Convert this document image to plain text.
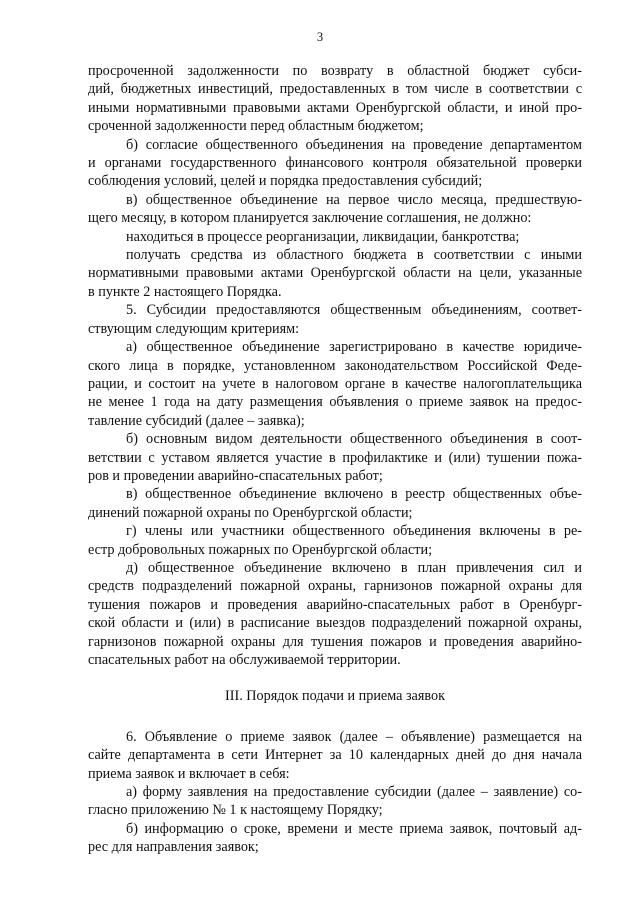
3
просроченной задолженности по возврату в областной бюджет субси-
дий, бюджетных инвестиций, предоставленных в том числе в соответствии с
иными нормативными правовыми актами Оренбургской области, и иной про-
сроченной задолженности перед областным бюджетом;
б) согласие общественного объединения на проведение департаментом
и органами государственного финансового контроля обязательной проверки
соблюдения условий, целей и порядка предоставления субсидий;
в) общественное объединение на первое число месяца, предшествую-
щего месяцу, в котором планируется заключение соглашения, не должно:
находиться в процессе реорганизации, ликвидации, банкротства;
получать средства из областного бюджета в соответствии с иными
нормативными правовыми актами Оренбургской области на цели, указанные
в пункте 2 настоящего Порядка.
5. Субсидии предоставляются общественным объединениям, соответ-
ствующим следующим критериям:
а) общественное объединение зарегистрировано в качестве юридиче-
ского лица в порядке, установленном законодательством Российской Феде-
рации, и состоит на учете в налоговом органе в качестве налогоплательщика
не менее 1 года на дату размещения объявления о приеме заявок на предос-
тавление субсидий (далее – заявка);
б) основным видом деятельности общественного объединения в соот-
ветствии с уставом является участие в профилактике и (или) тушении пожа-
ров и проведении аварийно-спасательных работ;
в) общественное объединение включено в реестр общественных объе-
динений пожарной охраны по Оренбургской области;
г) члены или участники общественного объединения включены в ре-
естр добровольных пожарных по Оренбургской области;
д) общественное объединение включено в план привлечения сил и
средств подразделений пожарной охраны, гарнизонов пожарной охраны для
тушения пожаров и проведения аварийно-спасательных работ в Оренбург-
ской области и (или) в расписание выездов подразделений пожарной охраны,
гарнизонов пожарной охраны для тушения пожаров и проведения аварийно-
спасательных работ на обслуживаемой территории.
III. Порядок подачи и приема заявок
6. Объявление о приеме заявок (далее – объявление) размещается на
сайте департамента в сети Интернет за 10 календарных дней до дня начала
приема заявок и включает в себя:
а) форму заявления на предоставление субсидии (далее – заявление) со-
гласно приложению № 1 к настоящему Порядку;
б) информацию о сроке, времени и месте приема заявок, почтовый ад-
рес для направления заявок;
